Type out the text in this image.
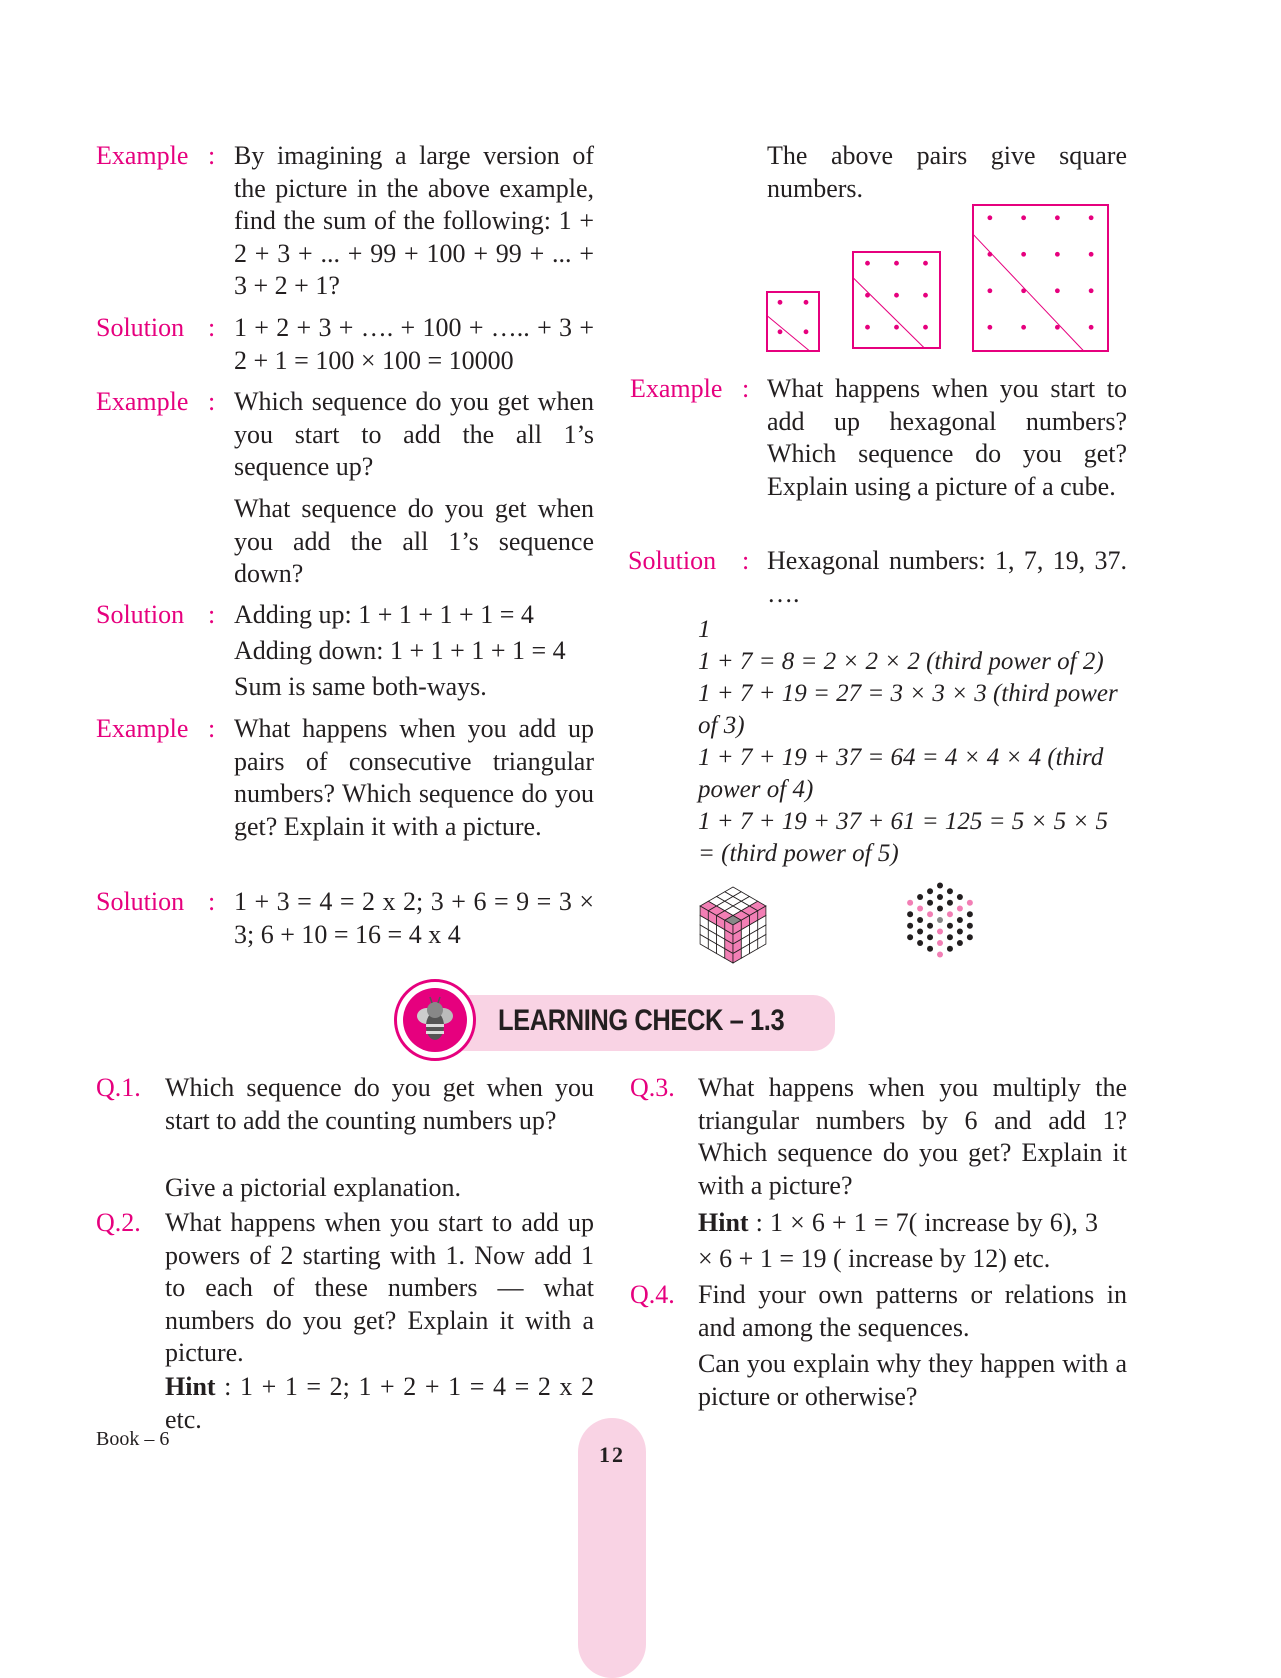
Example : By imagining a large version of the picture in the above example, find the sum of the following: 1 + 2 + 3 + ... + 99 + 100 + 99 + ... + 3 + 2 + 1?
Solution : 1 + 2 + 3 + …. + 100 + ….. + 3 + 2 + 1 = 100 × 100 = 10000
Example : Which sequence do you get when you start to add the all 1’s sequence up?
What sequence do you get when you add the all 1’s sequence down?
Solution : Adding up: 1 + 1 + 1 + 1 = 4
Adding down: 1 + 1 + 1 + 1 = 4
Sum is same both-ways.
Example : What happens when you add up pairs of consecutive triangular numbers? Which sequence do you get? Explain it with a picture.
Solution : 1 + 3 = 4 = 2 x 2; 3 + 6 = 9 = 3 × 3; 6 + 10 = 16 = 4 x 4
The above pairs give square numbers.
Example : What happens when you start to add up hexagonal numbers? Which sequence do you get? Explain using a picture of a cube.
Solution : Hexagonal numbers: 1, 7, 19, 37. ….
1
1 + 7 = 8 = 2 × 2 × 2 (third power of 2)
1 + 7 + 19 = 27 = 3 × 3 × 3 (third power
of 3)
1 + 7 + 19 + 37 = 64 = 4 × 4 × 4 (third
power of 4)
1 + 7 + 19 + 37 + 61 = 125 = 5 × 5 × 5
= (third power of 5)
LEARNING CHECK – 1.3
Q.1. Which sequence do you get when you start to add the counting numbers up?
Give a pictorial explanation.
Q.2. What happens when you start to add up powers of 2 starting with 1. Now add 1 to each of these numbers — what numbers do you get? Explain it with a picture.
Hint : 1 + 1 = 2; 1 + 2 + 1 = 4 = 2 x 2 etc.
Q.3. What happens when you multiply the triangular numbers by 6 and add 1? Which sequence do you get? Explain it with a picture?
Hint : 1 × 6 + 1 = 7( increase by 6), 3 × 6 + 1 = 19 ( increase by 12) etc.
Q.4. Find your own patterns or relations in and among the sequences.
Can you explain why they happen with a picture or otherwise?
Book – 6
12
